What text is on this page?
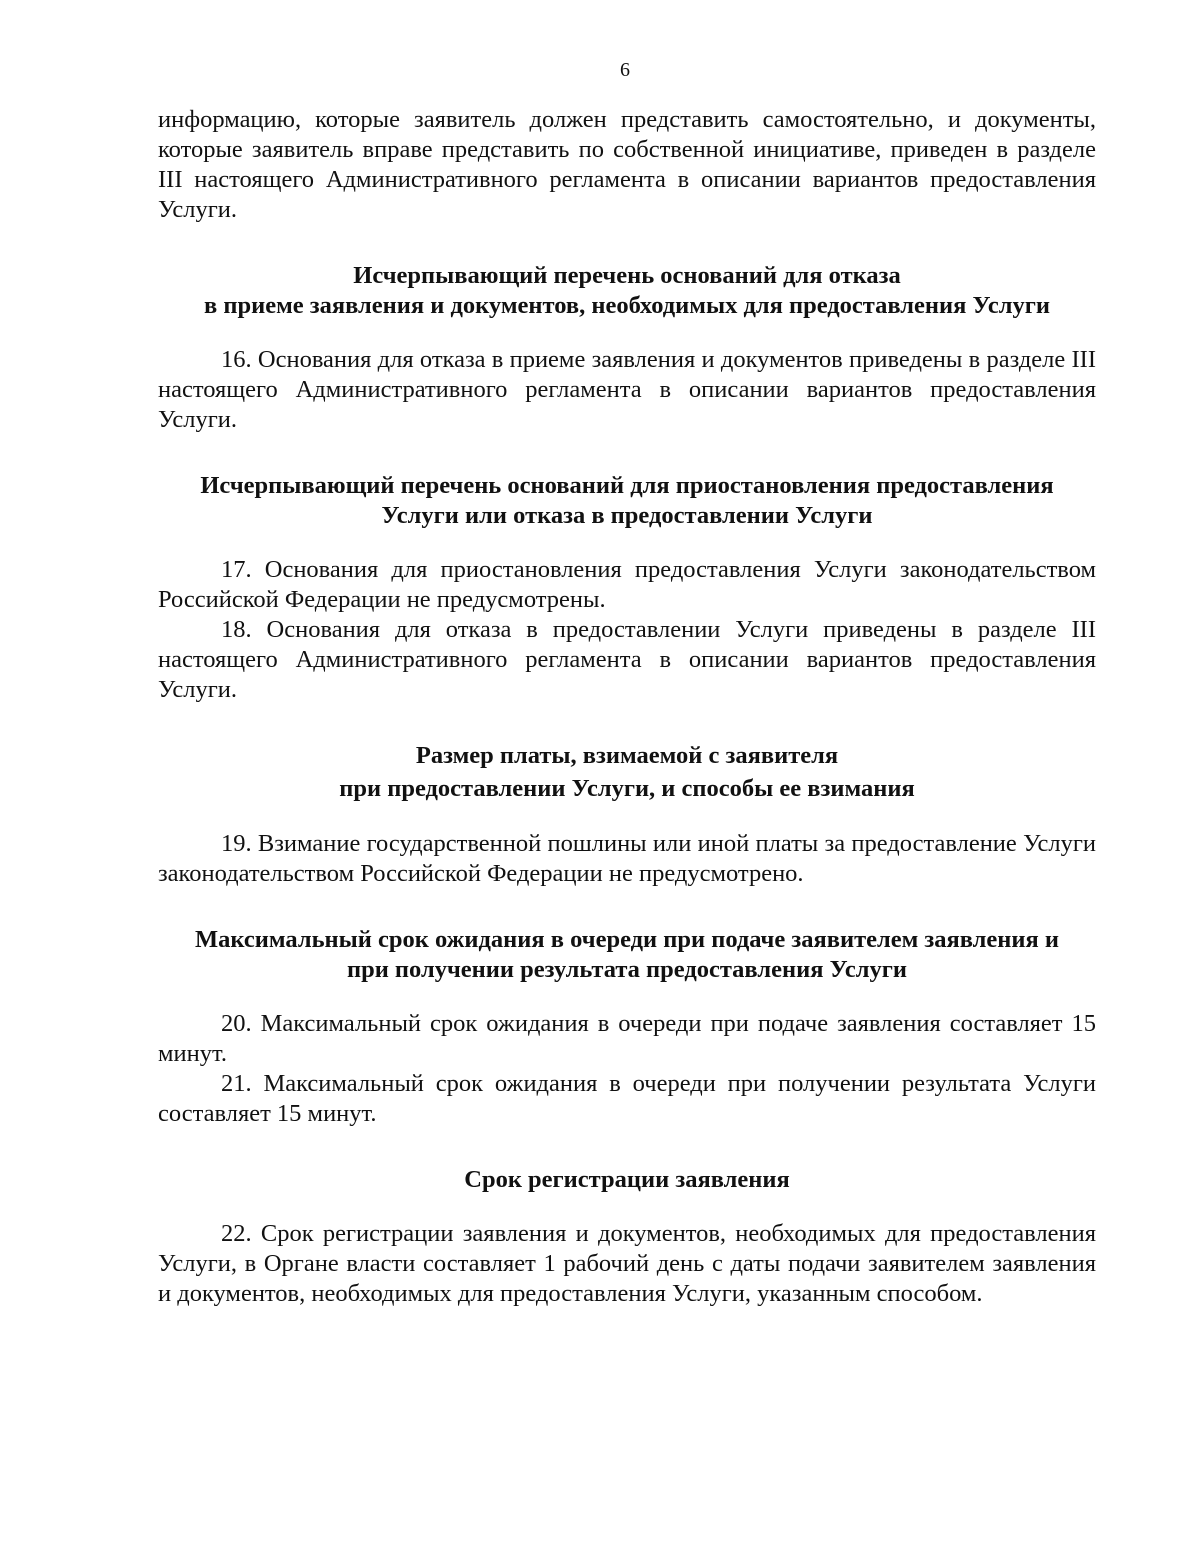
6

информацию, которые заявитель должен представить самостоятельно, и документы, которые заявитель вправе представить по собственной инициативе, приведен в разделе III настоящего Административного регламента в описании вариантов предоставления Услуги.

Исчерпывающий перечень оснований для отказа
в приеме заявления и документов, необходимых для предоставления Услуги

16. Основания для отказа в приеме заявления и документов приведены в разделе III настоящего Административного регламента в описании вариантов предоставления Услуги.

Исчерпывающий перечень оснований для приостановления предоставления
Услуги или отказа в предоставлении Услуги

17. Основания для приостановления предоставления Услуги законодательством Российской Федерации не предусмотрены.

18. Основания для отказа в предоставлении Услуги приведены в разделе III настоящего Административного регламента в описании вариантов предоставления Услуги.

Размер платы, взимаемой с заявителя
при предоставлении Услуги, и способы ее взимания

19. Взимание государственной пошлины или иной платы за предоставление Услуги законодательством Российской Федерации не предусмотрено.

Максимальный срок ожидания в очереди при подаче заявителем заявления и
при получении результата предоставления Услуги

20. Максимальный срок ожидания в очереди при подаче заявления составляет 15 минут.

21. Максимальный срок ожидания в очереди при получении результата Услуги составляет 15 минут.

Срок регистрации заявления

22. Срок регистрации заявления и документов, необходимых для предоставления Услуги, в Органе власти составляет 1 рабочий день с даты подачи заявителем заявления и документов, необходимых для предоставления Услуги, указанным способом.
